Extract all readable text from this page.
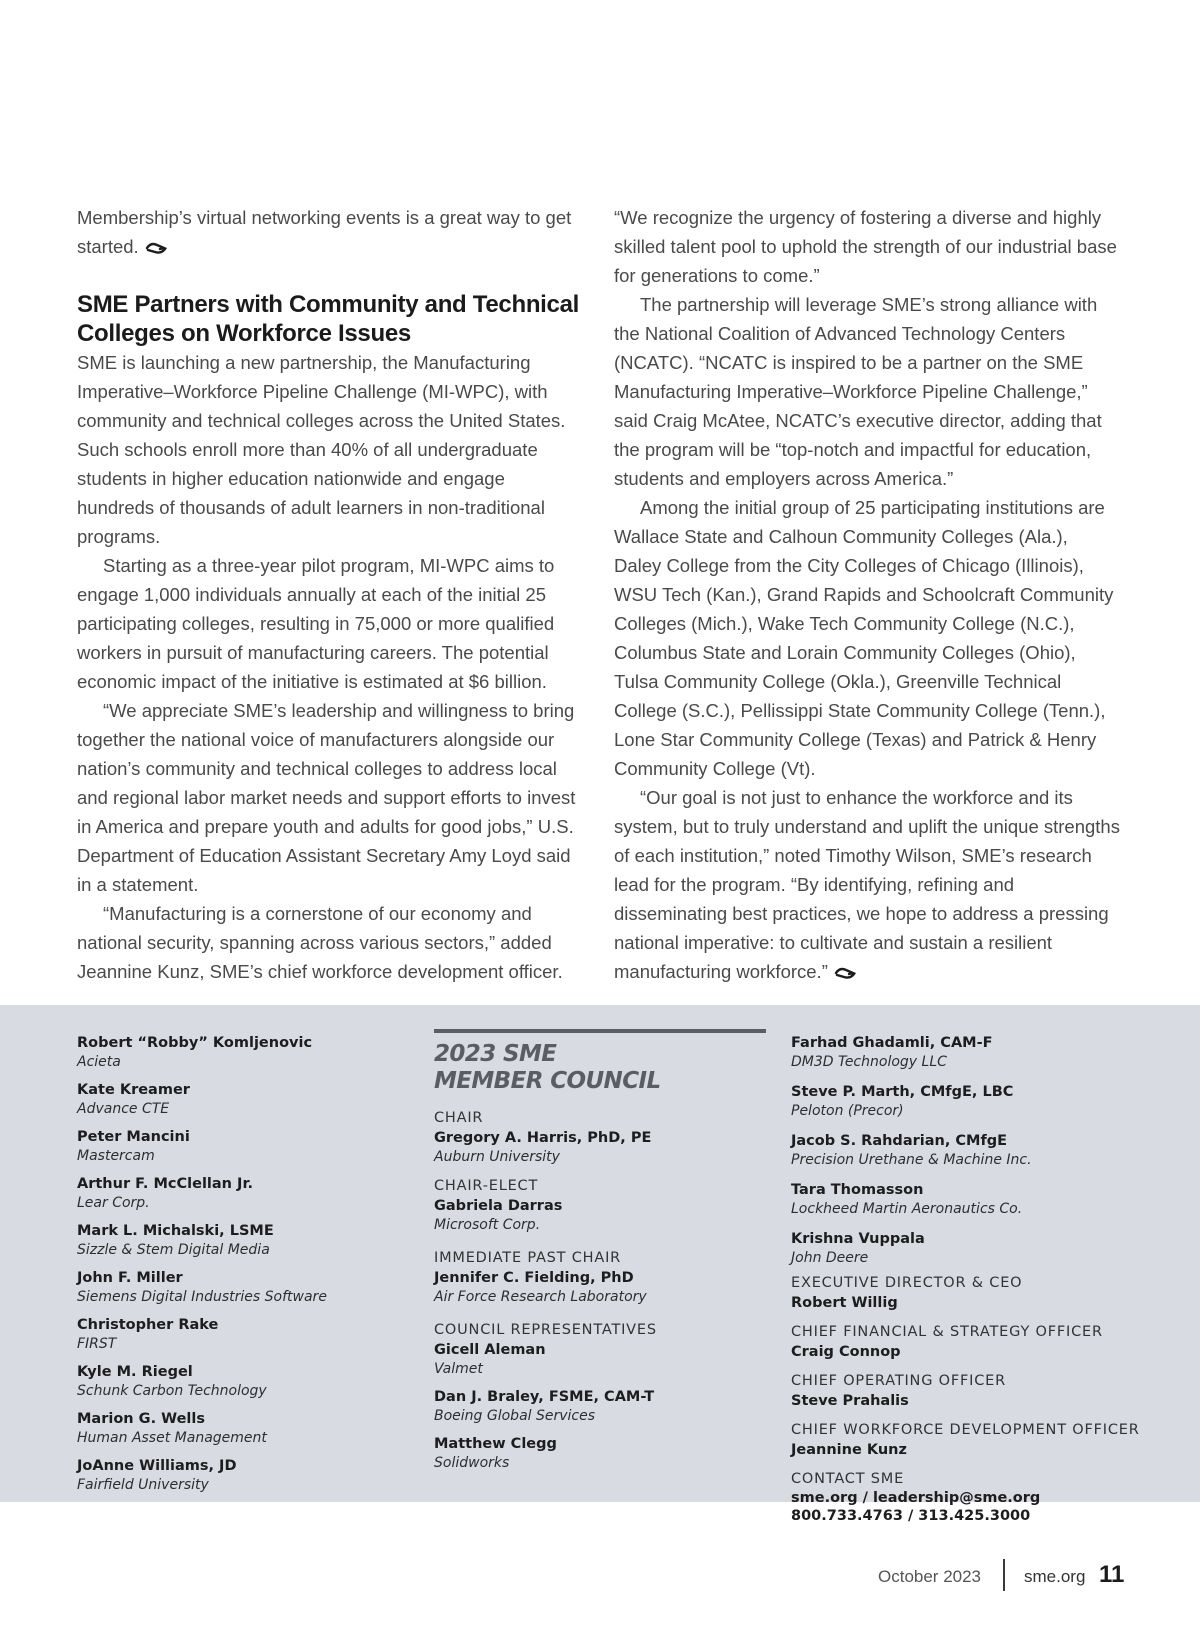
Membership’s virtual networking events is a great way to get started.

SME Partners with Community and Technical Colleges on Workforce Issues

SME is launching a new partnership, the Manufacturing Imperative–Workforce Pipeline Challenge (MI-WPC), with community and technical colleges across the United States. Such schools enroll more than 40% of all undergraduate students in higher education nationwide and engage hundreds of thousands of adult learners in non-traditional programs.

Starting as a three-year pilot program, MI-WPC aims to engage 1,000 individuals annually at each of the initial 25 participating colleges, resulting in 75,000 or more qualified workers in pursuit of manufacturing careers. The potential economic impact of the initiative is estimated at $6 billion.

“We appreciate SME’s leadership and willingness to bring together the national voice of manufacturers alongside our nation’s community and technical colleges to address local and regional labor market needs and support efforts to invest in America and prepare youth and adults for good jobs,” U.S. Department of Education Assistant Secretary Amy Loyd said in a statement.

“Manufacturing is a cornerstone of our economy and national security, spanning across various sectors,” added Jeannine Kunz, SME’s chief workforce development officer.

“We recognize the urgency of fostering a diverse and highly skilled talent pool to uphold the strength of our industrial base for generations to come.”

The partnership will leverage SME’s strong alliance with the National Coalition of Advanced Technology Centers (NCATC). “NCATC is inspired to be a partner on the SME Manufacturing Imperative–Workforce Pipeline Challenge,” said Craig McAtee, NCATC’s executive director, adding that the program will be “top-notch and impactful for education, students and employers across America.”

Among the initial group of 25 participating institutions are Wallace State and Calhoun Community Colleges (Ala.), Daley College from the City Colleges of Chicago (Illinois), WSU Tech (Kan.), Grand Rapids and Schoolcraft Community Colleges (Mich.), Wake Tech Community College (N.C.), Columbus State and Lorain Community Colleges (Ohio), Tulsa Community College (Okla.), Greenville Technical College (S.C.), Pellissippi State Community College (Tenn.), Lone Star Community College (Texas) and Patrick & Henry Community College (Vt).

“Our goal is not just to enhance the workforce and its system, but to truly understand and uplift the unique strengths of each institution,” noted Timothy Wilson, SME’s research lead for the program. “By identifying, refining and disseminating best practices, we hope to address a pressing national imperative: to cultivate and sustain a resilient manufacturing workforce.”

Robert “Robby” Komljenovic
Acieta
Kate Kreamer
Advance CTE
Peter Mancini
Mastercam
Arthur F. McClellan Jr.
Lear Corp.
Mark L. Michalski, LSME
Sizzle & Stem Digital Media
John F. Miller
Siemens Digital Industries Software
Christopher Rake
FIRST
Kyle M. Riegel
Schunk Carbon Technology
Marion G. Wells
Human Asset Management
JoAnne Williams, JD
Fairfield University
2023 SME
MEMBER COUNCIL
CHAIR
Gregory A. Harris, PhD, PE
Auburn University
CHAIR-ELECT
Gabriela Darras
Microsoft Corp.
IMMEDIATE PAST CHAIR
Jennifer C. Fielding, PhD
Air Force Research Laboratory
COUNCIL REPRESENTATIVES
Gicell Aleman
Valmet
Dan J. Braley, FSME, CAM-T
Boeing Global Services
Matthew Clegg
Solidworks
Farhad Ghadamli, CAM-F
DM3D Technology LLC
Steve P. Marth, CMfgE, LBC
Peloton (Precor)
Jacob S. Rahdarian, CMfgE
Precision Urethane & Machine Inc.
Tara Thomasson
Lockheed Martin Aeronautics Co.
Krishna Vuppala
John Deere
EXECUTIVE DIRECTOR & CEO
Robert Willig
CHIEF FINANCIAL & STRATEGY OFFICER
Craig Connop
CHIEF OPERATING OFFICER
Steve Prahalis
CHIEF WORKFORCE DEVELOPMENT OFFICER
Jeannine Kunz
CONTACT SME
sme.org / leadership@sme.org
800.733.4763 / 313.425.3000
October 2023	sme.org 11
